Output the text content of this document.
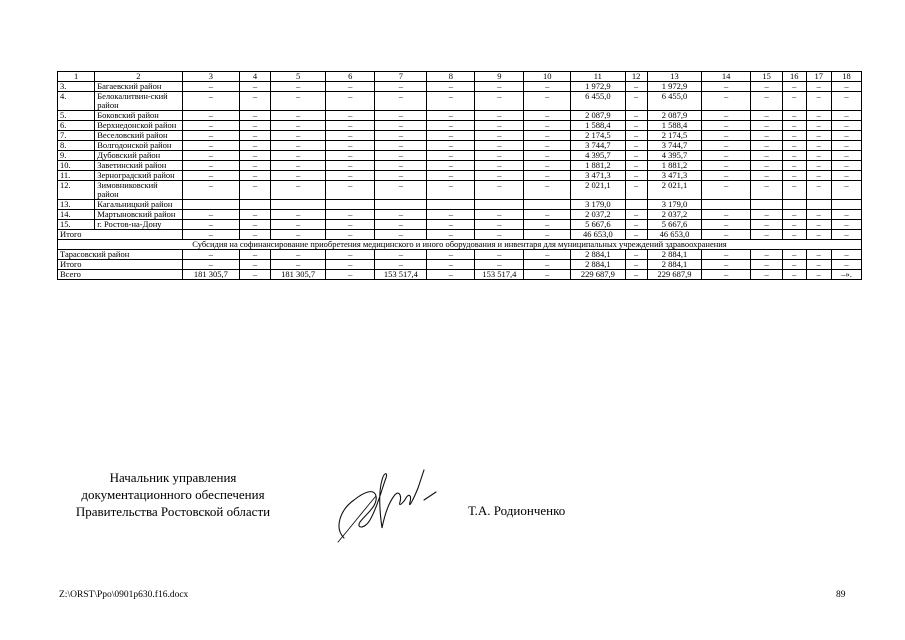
1	2	3	4	5	6	7	8	9	10	11	12	13	14	15	16	17	18
3.	Багаевский район	–	–	–	–	–	–	–	–	1 972,9	–	1 972,9	–	–	–	–	–
4.	Белокалитвин-ский район	–	–	–	–	–	–	–	–	6 455,0	–	6 455,0	–	–	–	–	–
5.	Боковский район	–	–	–	–	–	–	–	–	2 087,9	–	2 087,9	–	–	–	–	–
6.	Верхнедонской район	–	–	–	–	–	–	–	–	1 588,4	–	1 588,4	–	–	–	–	–
7.	Веселовский район	–	–	–	–	–	–	–	–	2 174,5	–	2 174,5	–	–	–	–	–
8.	Волгодонской район	–	–	–	–	–	–	–	–	3 744,7	–	3 744,7	–	–	–	–	–
9.	Дубовский район	–	–	–	–	–	–	–	–	4 395,7	–	4 395,7	–	–	–	–	–
10.	Заветинский район	–	–	–	–	–	–	–	–	1 881,2	–	1 881,2	–	–	–	–	–
11.	Зерноградский район	–	–	–	–	–	–	–	–	3 471,3	–	3 471,3	–	–	–	–	–
12.	Зимовниковский район	–	–	–	–	–	–	–	–	2 021,1	–	2 021,1	–	–	–	–	–
13.	Кагальницкий район									3 179,0		3 179,0					
14.	Мартыновский район	–	–	–	–	–	–	–	–	2 037,2	–	2 037,2	–	–	–	–	–
15.	г. Ростов-на-Дону	–	–	–	–	–	–	–	–	5 667,6	–	5 667,6	–	–	–	–	–
Итого		–	–	–	–	–	–	–	–	46 653,0	–	46 653,0	–	–	–	–	–
Субсидия на софинансирование приобретения медицинского и иного оборудования и инвентаря для муниципальных учреждений здравоохранения																	
Тарасовский район		–	–	–	–	–	–	–	–	2 884,1	–	2 884,1	–	–	–	–	–
Итого		–	–	–	–	–	–	–	–	2 884,1	–	2 884,1	–	–	–	–	–
Всего		181 305,7	–	181 305,7	–	153 517,4	–	153 517,4	–	229 687,9	–	229 687,9	–	–	–	–	–».
Начальник управления
документационного обеспечения
Правительства Ростовской области	Т.А. Родионченко
Z:\ORST\Ppo\0901p630.f16.docx	89
